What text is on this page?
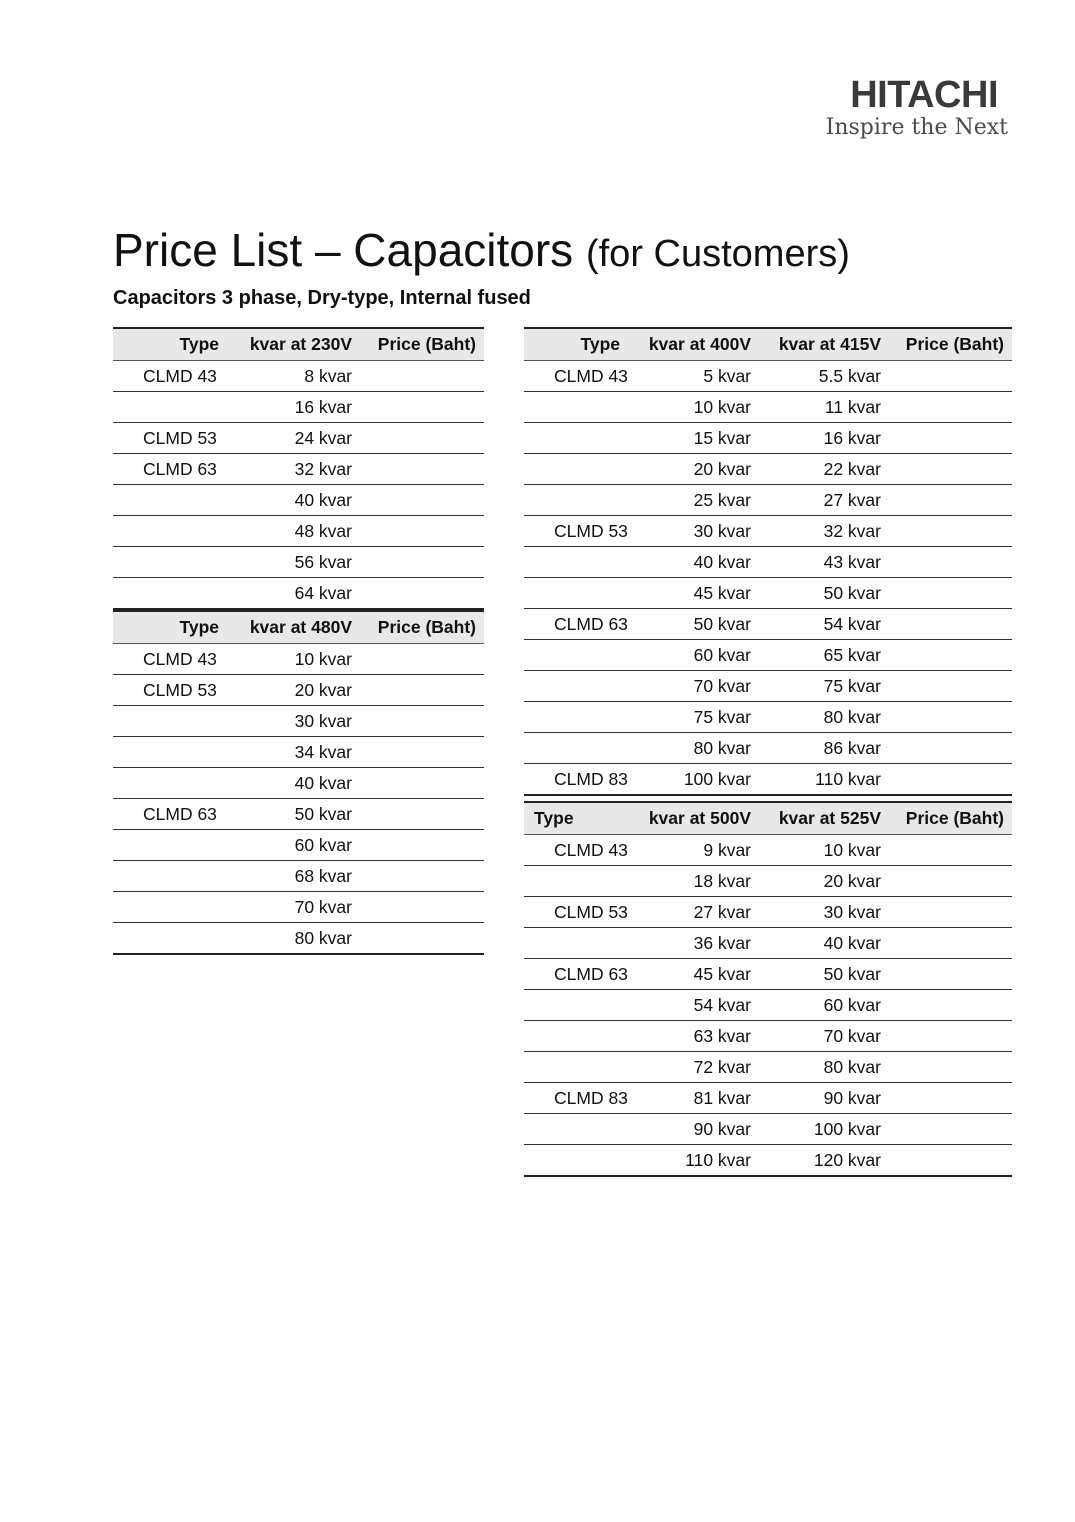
HITACHI
Inspire the Next
Price List – Capacitors (for Customers)
Capacitors 3 phase, Dry-type, Internal fused
Type	kvar at 230V	Price (Baht)
CLMD 43	8 kvar	
	16 kvar	
CLMD 53	24 kvar	
CLMD 63	32 kvar	
	40 kvar	
	48 kvar	
	56 kvar	
	64 kvar	
Type	kvar at 480V	Price (Baht)
CLMD 43	10 kvar	
CLMD 53	20 kvar	
	30 kvar	
	34 kvar	
	40 kvar	
CLMD 63	50 kvar	
	60 kvar	
	68 kvar	
	70 kvar	
	80 kvar	
Type	kvar at 400V	kvar at 415V	Price (Baht)
CLMD 43	5 kvar	5.5 kvar	
	10 kvar	11 kvar	
	15 kvar	16 kvar	
	20 kvar	22 kvar	
	25 kvar	27 kvar	
CLMD 53	30 kvar	32 kvar	
	40 kvar	43 kvar	
	45 kvar	50 kvar	
CLMD 63	50 kvar	54 kvar	
	60 kvar	65 kvar	
	70 kvar	75 kvar	
	75 kvar	80 kvar	
	80 kvar	86 kvar	
CLMD 83	100 kvar	110 kvar	
Type	kvar at 500V	kvar at 525V	Price (Baht)
CLMD 43	9 kvar	10 kvar	
	18 kvar	20 kvar	
CLMD 53	27 kvar	30 kvar	
	36 kvar	40 kvar	
CLMD 63	45 kvar	50 kvar	
	54 kvar	60 kvar	
	63 kvar	70 kvar	
	72 kvar	80 kvar	
CLMD 83	81 kvar	90 kvar	
	90 kvar	100 kvar	
	110 kvar	120 kvar	
